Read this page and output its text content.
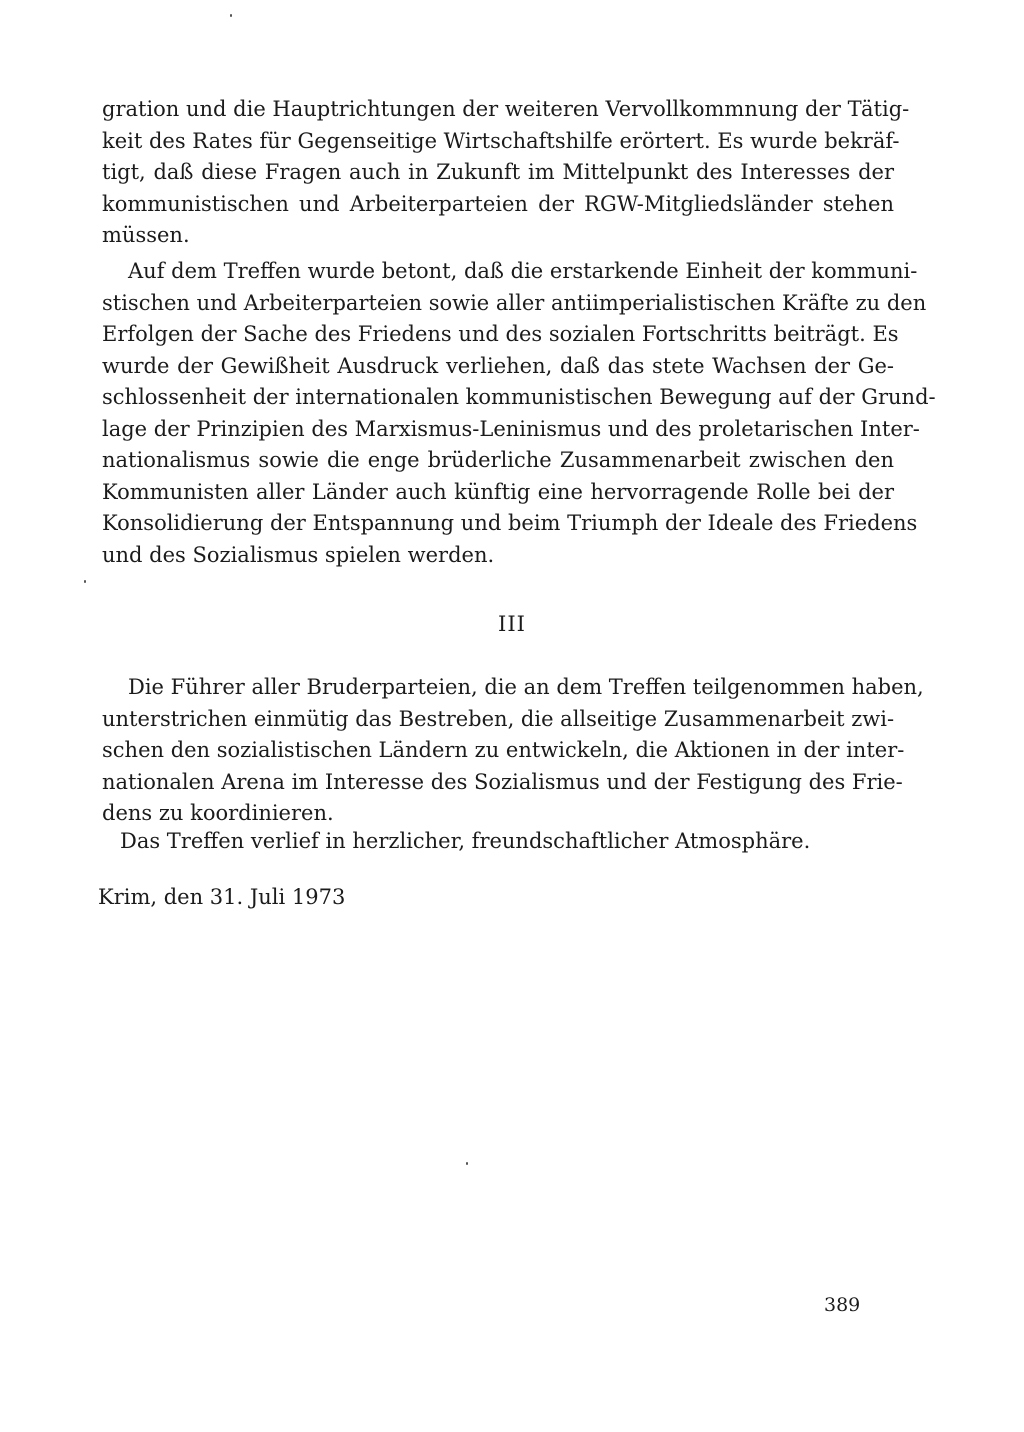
gration und die Hauptrichtungen der weiteren Vervollkommnung der Tätig-
keit des Rates für Gegenseitige Wirtschaftshilfe erörtert. Es wurde bekräf-
tigt, daß diese Fragen auch in Zukunft im Mittelpunkt des Interesses der
kommunistischen und Arbeiterparteien der RGW-Mitgliedsländer stehen
müssen.
Auf dem Treffen wurde betont, daß die erstarkende Einheit der kommuni-
stischen und Arbeiterparteien sowie aller antiimperialistischen Kräfte zu den
Erfolgen der Sache des Friedens und des sozialen Fortschritts beiträgt. Es
wurde der Gewißheit Ausdruck verliehen, daß das stete Wachsen der Ge-
schlossenheit der internationalen kommunistischen Bewegung auf der Grund-
lage der Prinzipien des Marxismus-Leninismus und des proletarischen Inter-
nationalismus sowie die enge brüderliche Zusammenarbeit zwischen den
Kommunisten aller Länder auch künftig eine hervorragende Rolle bei der
Konsolidierung der Entspannung und beim Triumph der Ideale des Friedens
und des Sozialismus spielen werden.
III
Die Führer aller Bruderparteien, die an dem Treffen teilgenommen haben,
unterstrichen einmütig das Bestreben, die allseitige Zusammenarbeit zwi-
schen den sozialistischen Ländern zu entwickeln, die Aktionen in der inter-
nationalen Arena im Interesse des Sozialismus und der Festigung des Frie-
dens zu koordinieren.
Das Treffen verlief in herzlicher, freundschaftlicher Atmosphäre.
Krim, den 31. Juli 1973
389
